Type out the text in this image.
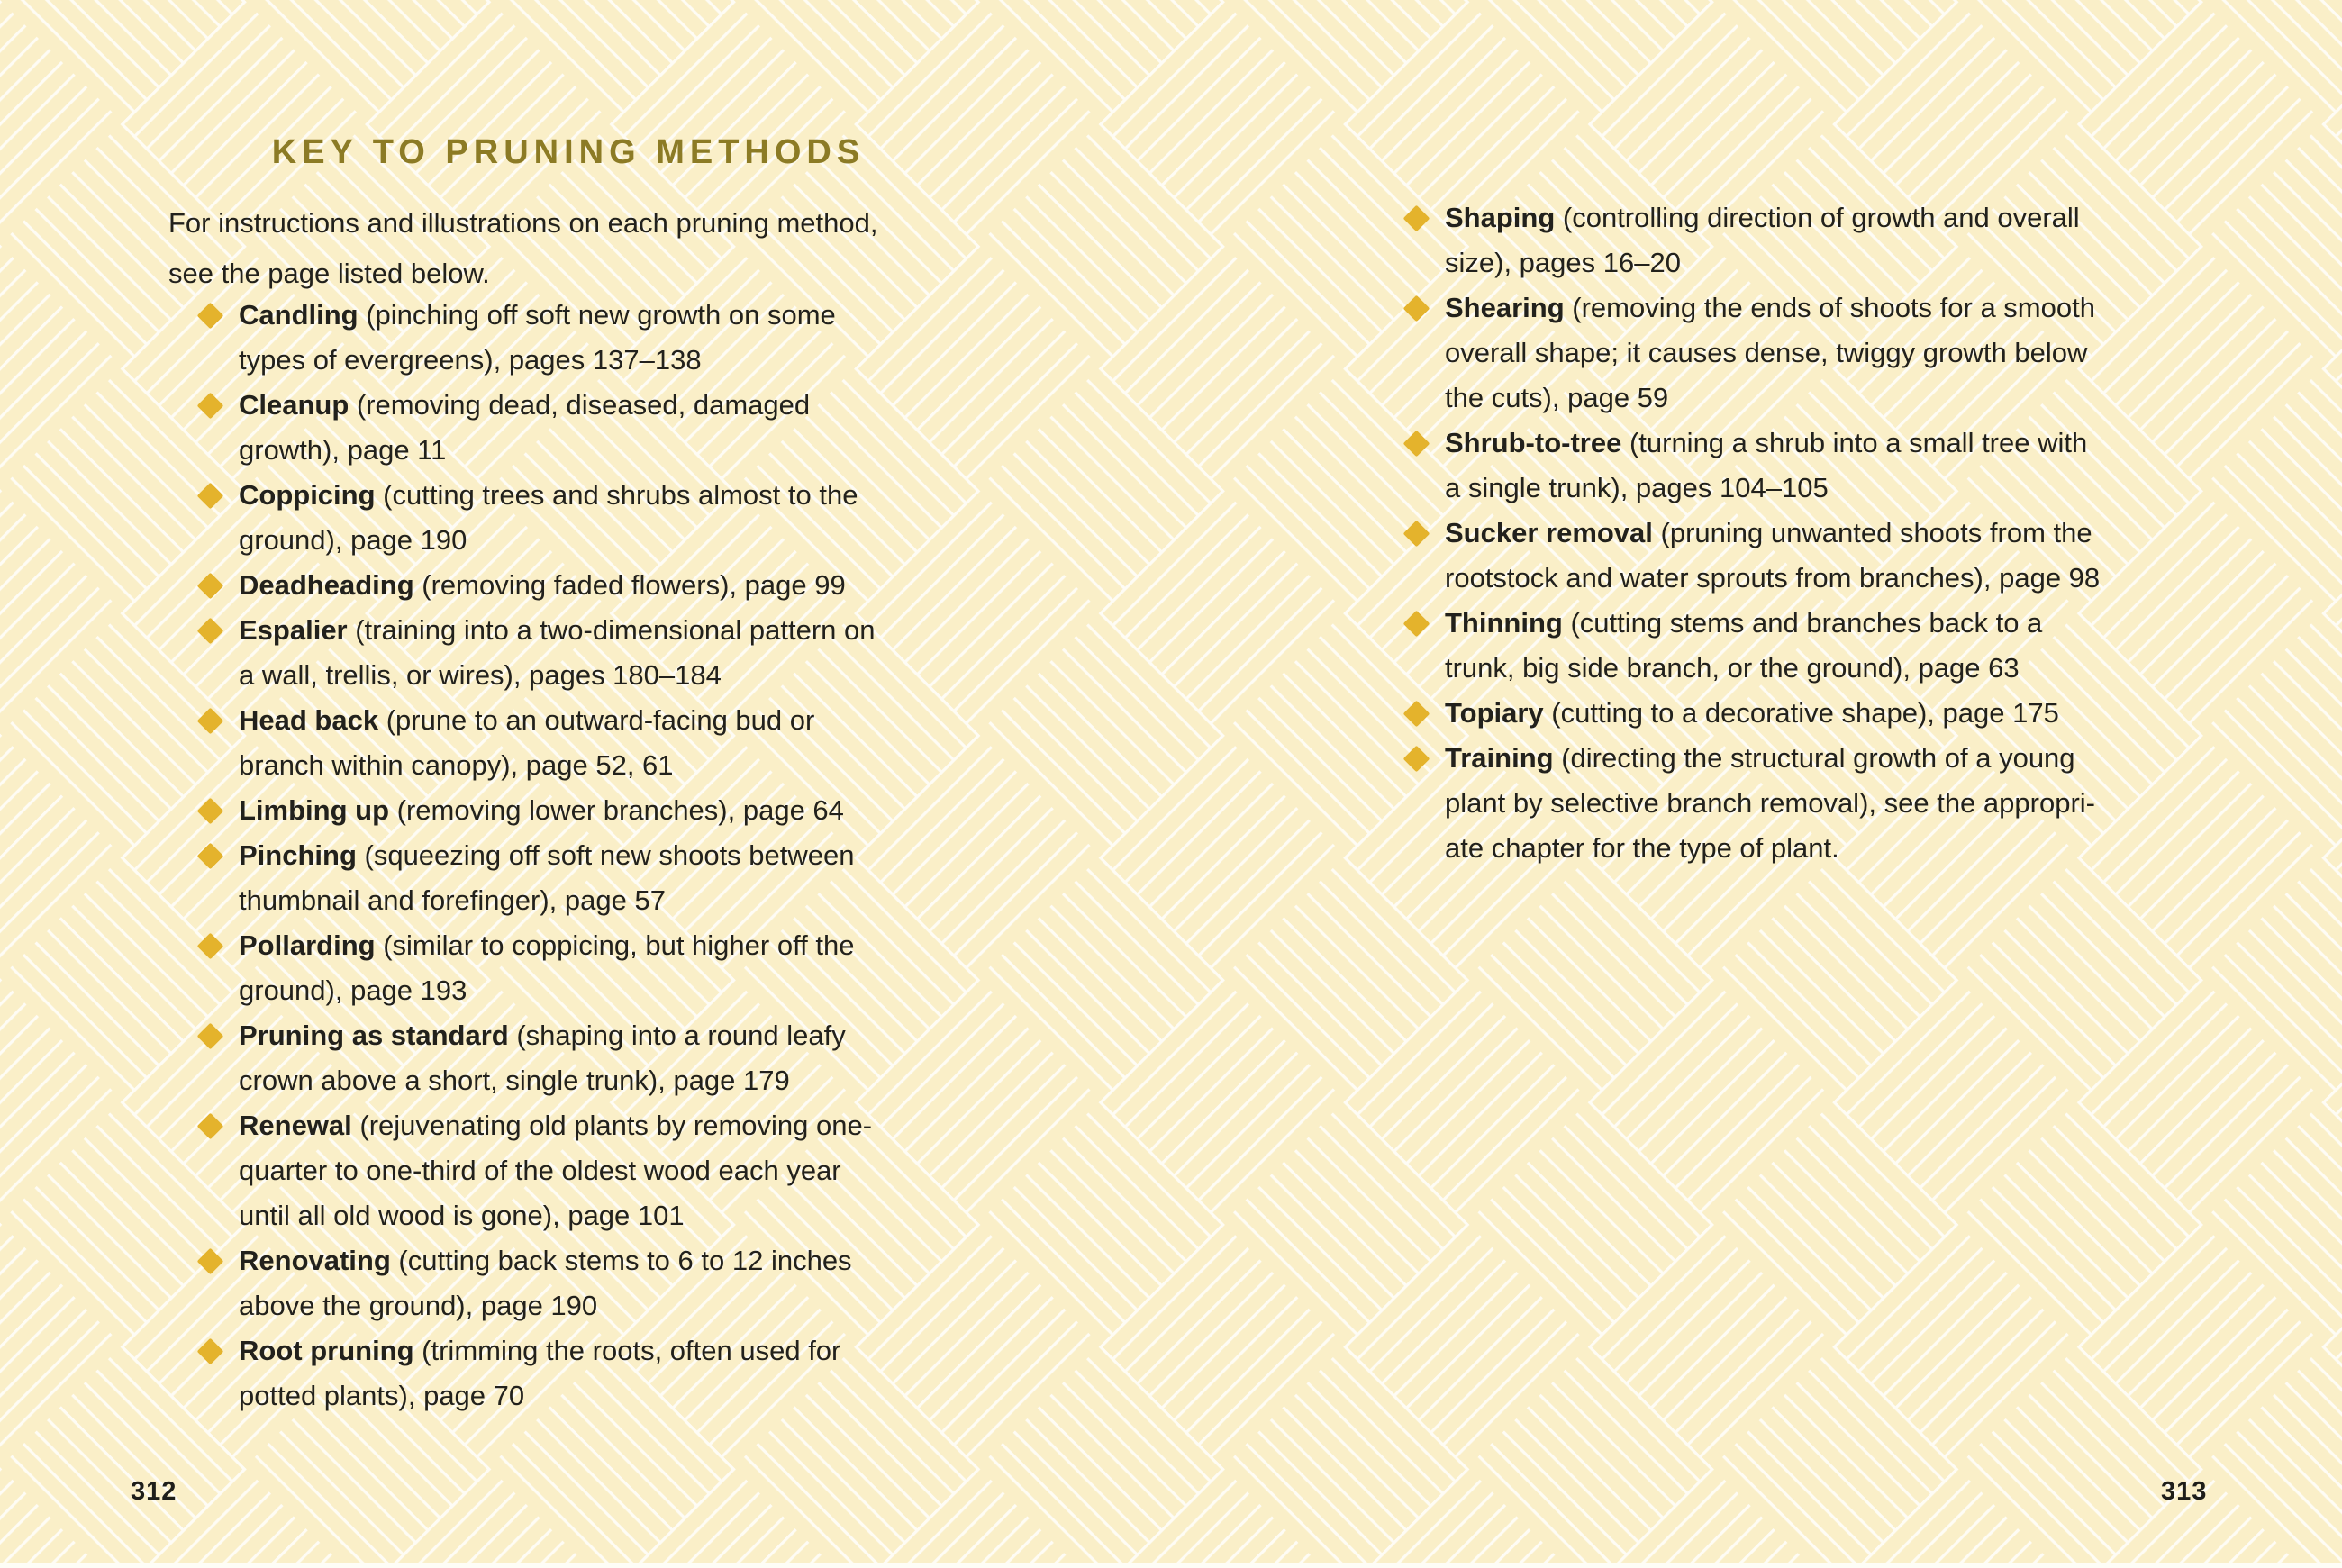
KEY TO PRUNING METHODS
For instructions and illustrations on each pruning method,
see the page listed below.
Candling (pinching off soft new growth on some
types of evergreens), pages 137–138
Cleanup (removing dead, diseased, damaged
growth), page 11
Coppicing (cutting trees and shrubs almost to the
ground), page 190
Deadheading (removing faded flowers), page 99
Espalier (training into a two-dimensional pattern on
a wall, trellis, or wires), pages 180–184
Head back (prune to an outward-facing bud or
branch within canopy), page 52, 61
Limbing up (removing lower branches), page 64
Pinching (squeezing off soft new shoots between
thumbnail and forefinger), page 57
Pollarding (similar to coppicing, but higher off the
ground), page 193
Pruning as standard (shaping into a round leafy
crown above a short, single trunk), page 179
Renewal (rejuvenating old plants by removing one-
quarter to one-third of the oldest wood each year
until all old wood is gone), page 101
Renovating (cutting back stems to 6 to 12 inches
above the ground), page 190
Root pruning (trimming the roots, often used for
potted plants), page 70
Shaping (controlling direction of growth and overall
size), pages 16–20
Shearing (removing the ends of shoots for a smooth
overall shape; it causes dense, twiggy growth below
the cuts), page 59
Shrub-to-tree (turning a shrub into a small tree with
a single trunk), pages 104–105
Sucker removal (pruning unwanted shoots from the
rootstock and water sprouts from branches), page 98
Thinning (cutting stems and branches back to a
trunk, big side branch, or the ground), page 63
Topiary (cutting to a decorative shape), page 175
Training (directing the structural growth of a young
plant by selective branch removal), see the appropri-
ate chapter for the type of plant.
312	313
